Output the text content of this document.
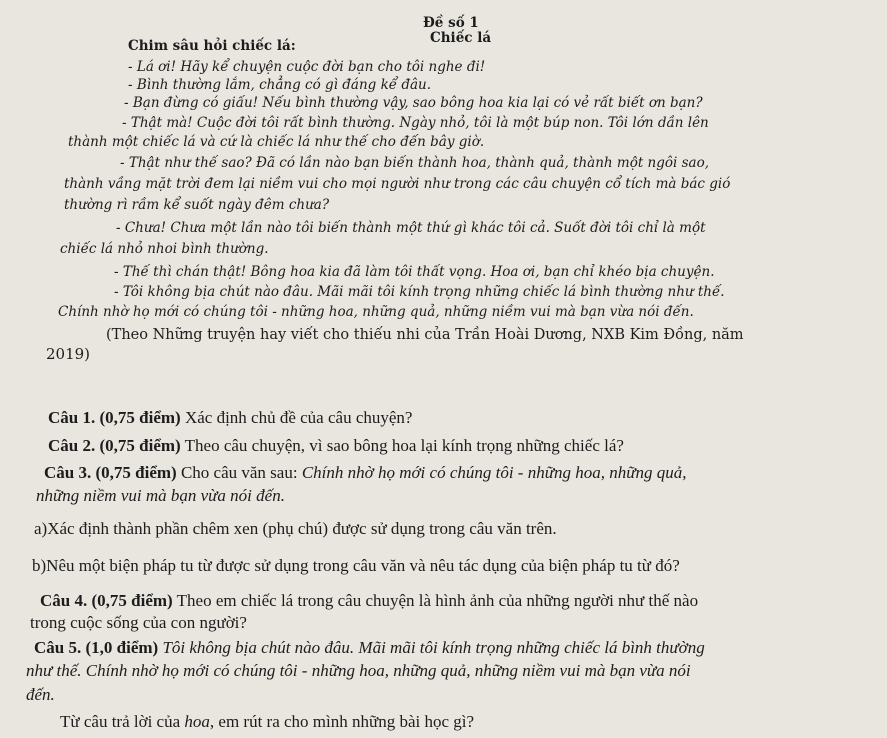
Đề số 1
Chiếc lá
Chim sâu hỏi chiếc lá:
- Lá ơi! Hãy kể chuyện cuộc đời bạn cho tôi nghe đi!
- Bình thường lắm, chẳng có gì đáng kể đâu.
- Bạn đừng có giấu! Nếu bình thường vậy, sao bông hoa kia lại có vẻ rất biết ơn bạn?
- Thật mà! Cuộc đời tôi rất bình thường. Ngày nhỏ, tôi là một búp non. Tôi lớn dần lên
thành một chiếc lá và cứ là chiếc lá như thế cho đến bây giờ.
- Thật như thế sao? Đã có lần nào bạn biến thành hoa, thành quả, thành một ngôi sao,
thành vầng mặt trời đem lại niềm vui cho mọi người như trong các câu chuyện cổ tích mà bác gió
thường rì rầm kể suốt ngày đêm chưa?
- Chưa! Chưa một lần nào tôi biến thành một thứ gì khác tôi cả. Suốt đời tôi chỉ là một
chiếc lá nhỏ nhoi bình thường.
- Thế thì chán thật! Bông hoa kia đã làm tôi thất vọng. Hoa ơi, bạn chỉ khéo bịa chuyện.
- Tôi không bịa chút nào đâu. Mãi mãi tôi kính trọng những chiếc lá bình thường như thế.
Chính nhờ họ mới có chúng tôi - những hoa, những quả, những niềm vui mà bạn vừa nói đến.
(Theo Những truyện hay viết cho thiếu nhi của Trần Hoài Dương, NXB Kim Đồng, năm
2019)
Câu 1. (0,75 điểm) Xác định chủ đề của câu chuyện?
Câu 2. (0,75 điểm) Theo câu chuyện, vì sao bông hoa lại kính trọng những chiếc lá?
Câu 3. (0,75 điểm) Cho câu văn sau: Chính nhờ họ mới có chúng tôi - những hoa, những quả,
những niềm vui mà bạn vừa nói đến.
a)Xác định thành phần chêm xen (phụ chú) được sử dụng trong câu văn trên.
b)Nêu một biện pháp tu từ được sử dụng trong câu văn và nêu tác dụng của biện pháp tu từ đó?
Câu 4. (0,75 điểm) Theo em chiếc lá trong câu chuyện là hình ảnh của những người như thế nào
trong cuộc sống của con người?
Câu 5. (1,0 điểm) Tôi không bịa chút nào đâu. Mãi mãi tôi kính trọng những chiếc lá bình thường
như thế. Chính nhờ họ mới có chúng tôi - những hoa, những quả, những niềm vui mà bạn vừa nói
đến.
Từ câu trả lời của hoa, em rút ra cho mình những bài học gì?
